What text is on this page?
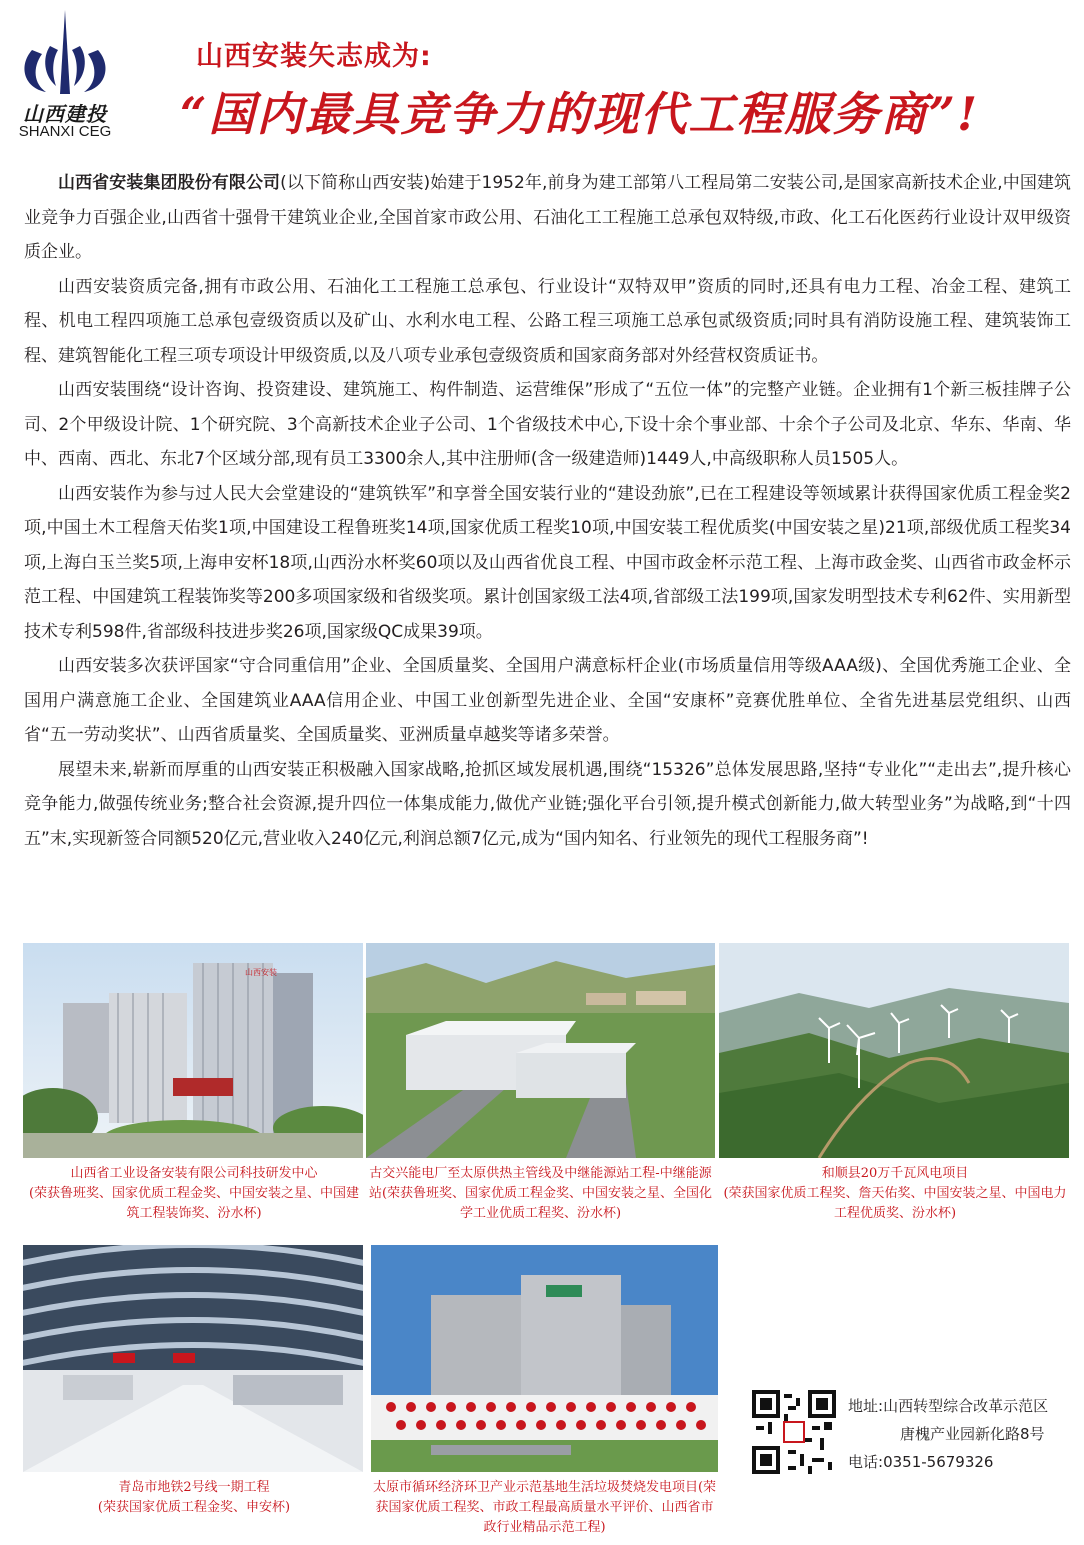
山西建投
SHANXI CEG
山西安装矢志成为:
“国内最具竞争力的现代工程服务商”!

山西省安装集团股份有限公司(以下简称山西安装)始建于1952年,前身为建工部第八工程局第二安装公司,是国家高新技术企业,中国建筑业竞争力百强企业,山西省十强骨干建筑业企业,全国首家市政公用、石油化工工程施工总承包双特级,市政、化工石化医药行业设计双甲级资质企业。

山西安装资质完备,拥有市政公用、石油化工工程施工总承包、行业设计“双特双甲”资质的同时,还具有电力工程、冶金工程、建筑工程、机电工程四项施工总承包壹级资质以及矿山、水利水电工程、公路工程三项施工总承包贰级资质;同时具有消防设施工程、建筑装饰工程、建筑智能化工程三项专项设计甲级资质,以及八项专业承包壹级资质和国家商务部对外经营权资质证书。

山西安装围绕“设计咨询、投资建设、建筑施工、构件制造、运营维保”形成了“五位一体”的完整产业链。企业拥有1个新三板挂牌子公司、2个甲级设计院、1个研究院、3个高新技术企业子公司、1个省级技术中心,下设十余个事业部、十余个子公司及北京、华东、华南、华中、西南、西北、东北7个区域分部,现有员工3300余人,其中注册师(含一级建造师)1449人,中高级职称人员1505人。

山西安装作为参与过人民大会堂建设的“建筑铁军”和享誉全国安装行业的“建设劲旅”,已在工程建设等领域累计获得国家优质工程金奖2项,中国土木工程詹天佑奖1项,中国建设工程鲁班奖14项,国家优质工程奖10项,中国安装工程优质奖(中国安装之星)21项,部级优质工程奖34项,上海白玉兰奖5项,上海申安杯18项,山西汾水杯奖60项以及山西省优良工程、中国市政金杯示范工程、上海市政金奖、山西省市政金杯示范工程、中国建筑工程装饰奖等200多项国家级和省级奖项。累计创国家级工法4项,省部级工法199项,国家发明型技术专利62件、实用新型技术专利598件,省部级科技进步奖26项,国家级QC成果39项。

山西安装多次获评国家“守合同重信用”企业、全国质量奖、全国用户满意标杆企业(市场质量信用等级AAA级)、全国优秀施工企业、全国用户满意施工企业、全国建筑业AAA信用企业、中国工业创新型先进企业、全国“安康杯”竞赛优胜单位、全省先进基层党组织、山西省“五一劳动奖状”、山西省质量奖、全国质量奖、亚洲质量卓越奖等诸多荣誉。

展望未来,崭新而厚重的山西安装正积极融入国家战略,抢抓区域发展机遇,围绕“15326”总体发展思路,坚持“专业化”“走出去”,提升核心竞争能力,做强传统业务;整合社会资源,提升四位一体集成能力,做优产业链;强化平台引领,提升模式创新能力,做大转型业务”为战略,到“十四五”末,实现新签合同额520亿元,营业收入240亿元,利润总额7亿元,成为“国内知名、行业领先的现代工程服务商”!

山西安装
山西省工业设备安装有限公司科技研发中心
(荣获鲁班奖、国家优质工程金奖、中国安装之星、中国建筑工程装饰奖、汾水杯)
古交兴能电厂至太原供热主管线及中继能源站工程-中继能源站(荣获鲁班奖、国家优质工程金奖、中国安装之星、全国化学工业优质工程奖、汾水杯)
和顺县20万千瓦风电项目
(荣获国家优质工程奖、詹天佑奖、中国安装之星、中国电力工程优质奖、汾水杯)
青岛市地铁2号线一期工程
(荣获国家优质工程金奖、申安杯)
太原市循环经济环卫产业示范基地生活垃圾焚烧发电项目(荣获国家优质工程奖、市政工程最高质量水平评价、山西省市政行业精品示范工程)
地址:山西转型综合改革示范区
唐槐产业园新化路8号
电话:0351-5679326
